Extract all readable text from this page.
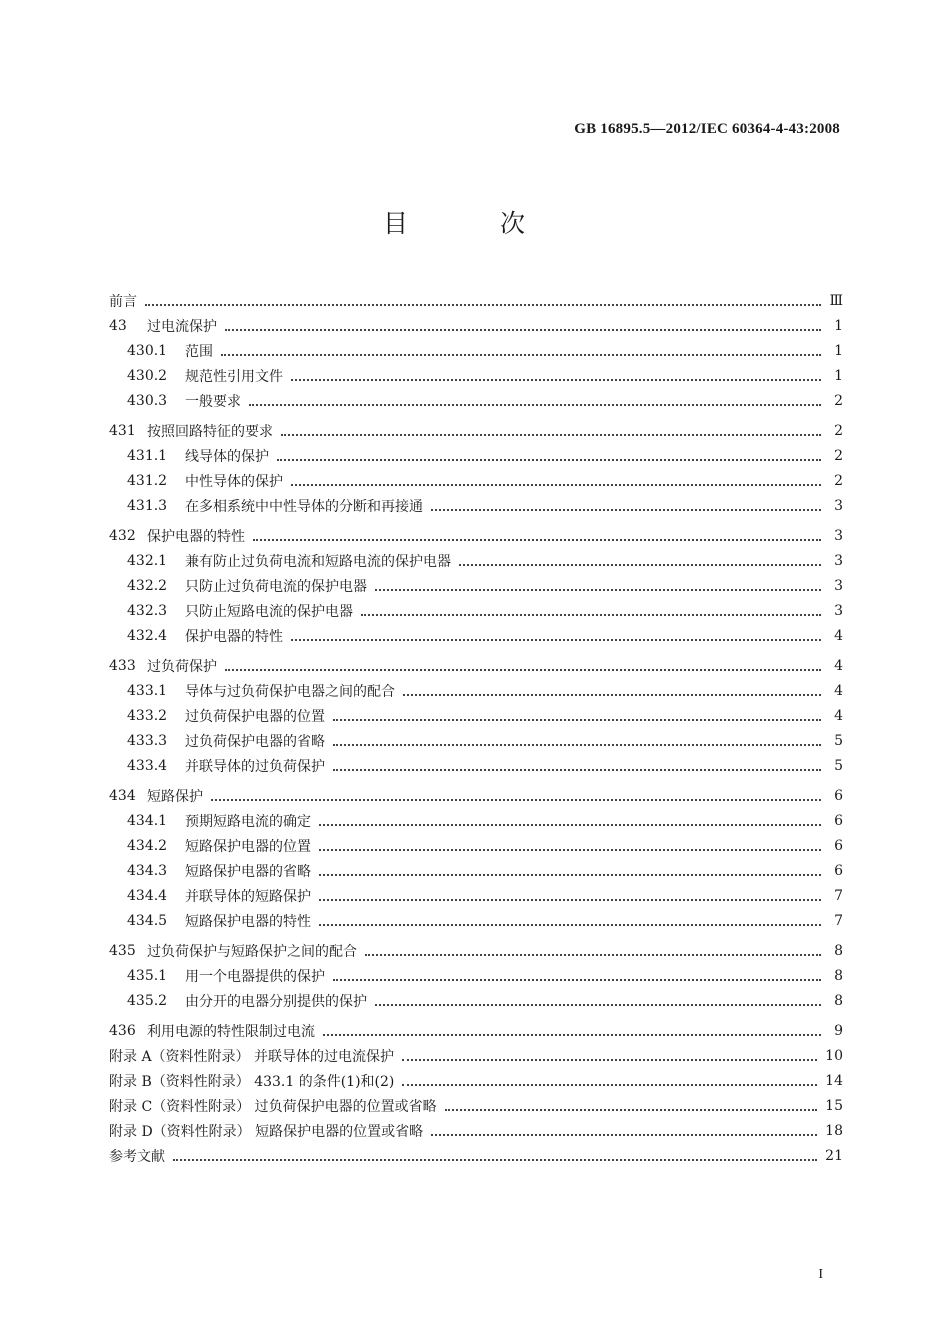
GB 16895.5—2012/IEC 60364-4-43:2008
目 次
前言	Ⅲ
43	过电流保护	1
430.1	范围	1
430.2	规范性引用文件	1
430.3	一般要求	2
431 按照回路特征的要求	2
431.1	线导体的保护	2
431.2	中性导体的保护	2
431.3	在多相系统中中性导体的分断和再接通	3
432 保护电器的特性	3
432.1	兼有防止过负荷电流和短路电流的保护电器	3
432.2	只防止过负荷电流的保护电器	3
432.3	只防止短路电流的保护电器	3
432.4	保护电器的特性	4
433 过负荷保护	4
433.1	导体与过负荷保护电器之间的配合	4
433.2	过负荷保护电器的位置	4
433.3	过负荷保护电器的省略	5
433.4	并联导体的过负荷保护	5
434 短路保护	6
434.1	预期短路电流的确定	6
434.2	短路保护电器的位置	6
434.3	短路保护电器的省略	6
434.4	并联导体的短路保护	7
434.5	短路保护电器的特性	7
435 过负荷保护与短路保护之间的配合	8
435.1	用一个电器提供的保护	8
435.2	由分开的电器分别提供的保护	8
436 利用电源的特性限制过电流	9
附录 A（资料性附录） 并联导体的过电流保护	10
附录 B（资料性附录） 433.1 的条件(1)和(2)	14
附录 C（资料性附录） 过负荷保护电器的位置或省略	15
附录 D（资料性附录） 短路保护电器的位置或省略	18
参考文献	21
I
